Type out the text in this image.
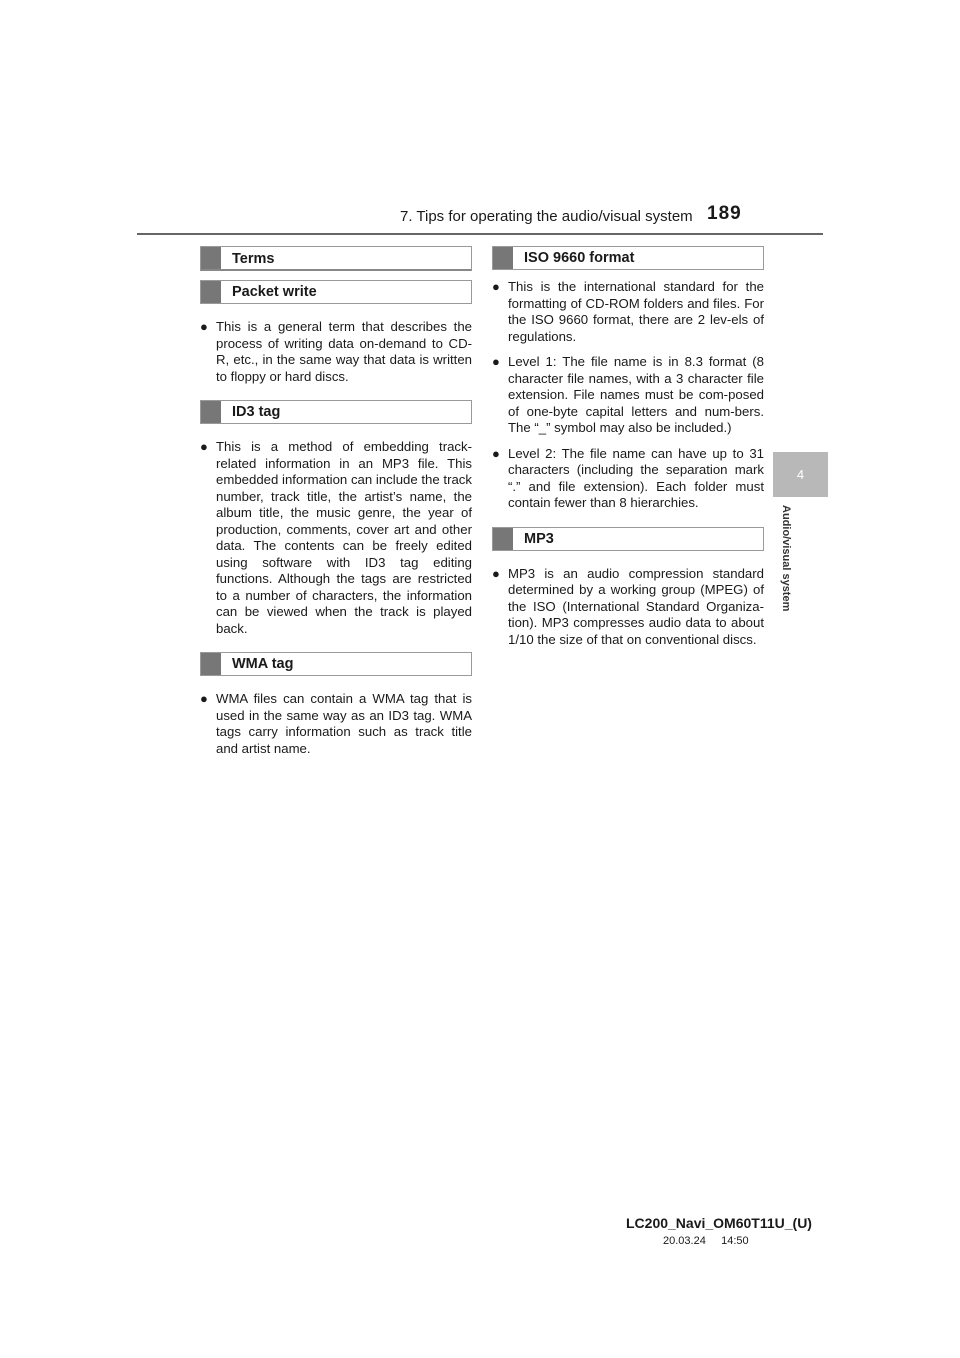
7. Tips for operating the audio/visual system 189
4
Audio/visual system
Terms
Packet write
● This is a general term that describes the process of writing data on-demand to CD-R, etc., in the same way that data is written to floppy or hard discs.
ID3 tag
● This is a method of embedding track-related information in an MP3 file. This embedded information can include the track number, track title, the artist’s name, the album title, the music genre, the year of production, comments, cover art and other data. The contents can be freely edited using software with ID3 tag editing functions. Although the tags are restricted to a number of characters, the information can be viewed when the track is played back.
WMA tag
● WMA files can contain a WMA tag that is used in the same way as an ID3 tag. WMA tags carry information such as track title and artist name.
ISO 9660 format
● This is the international standard for the formatting of CD-ROM folders and files. For the ISO 9660 format, there are 2 lev-els of regulations.
● Level 1: The file name is in 8.3 format (8 character file names, with a 3 character file extension. File names must be com-posed of one-byte capital letters and num-bers. The “_” symbol may also be included.)
● Level 2: The file name can have up to 31 characters (including the separation mark “.” and file extension). Each folder must contain fewer than 8 hierarchies.
MP3
● MP3 is an audio compression standard determined by a working group (MPEG) of the ISO (International Standard Organiza-tion). MP3 compresses audio data to about 1/10 the size of that on conventional discs.
LC200_Navi_OM60T11U_(U)
20.03.24     14:50
